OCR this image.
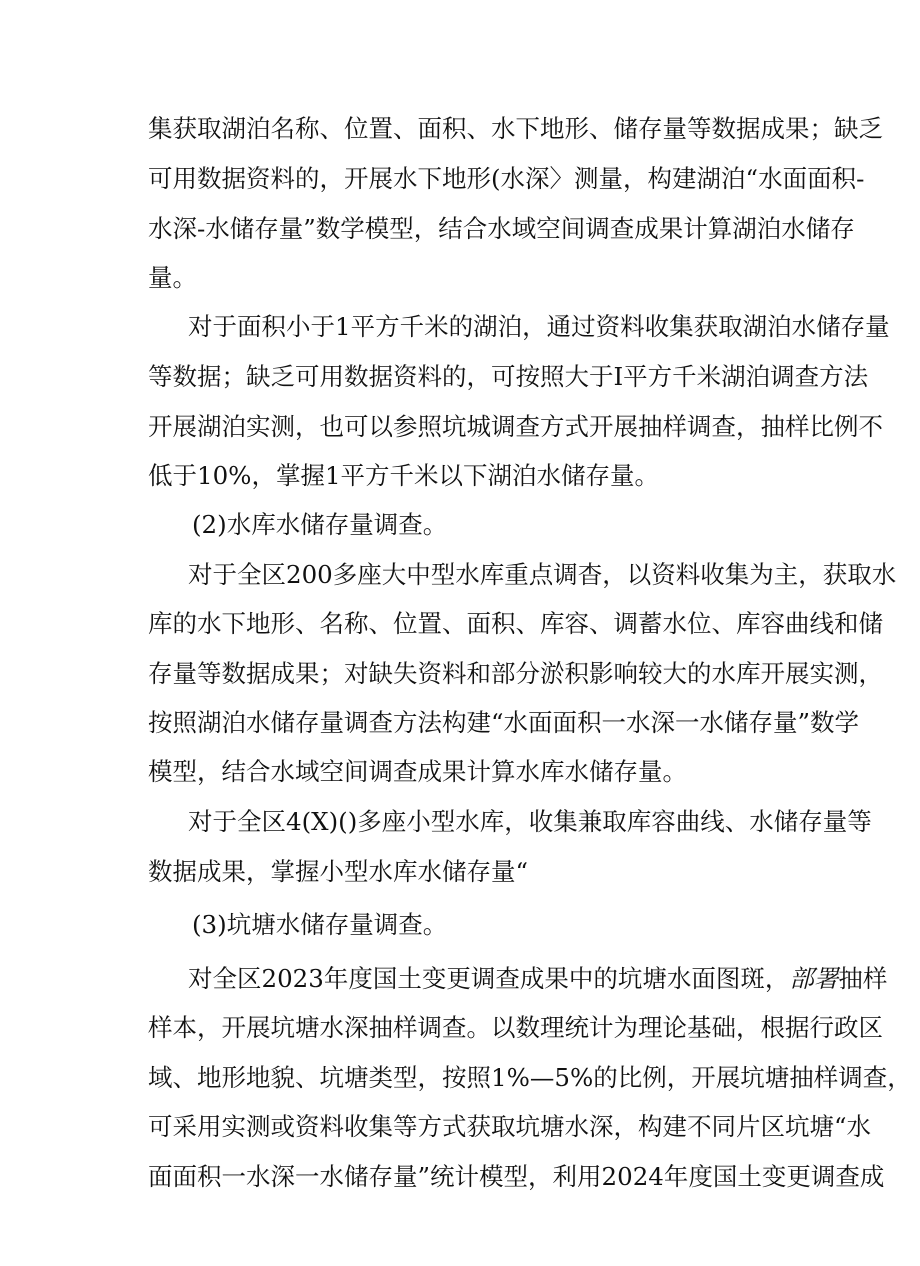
集获取湖泊名称、位置、面积、水下地形、储存量等数据成果；缺乏

可用数据资料的，开展水下地形(水深〉测量，构建湖泊“水面面积-

水深-水储存量”数学模型，结合水域空间调查成果计算湖泊水储存

量。

对于面积小于1平方千米的湖泊，通过资料收集获取湖泊水储存量

等数据；缺乏可用数据资料的，可按照大于I平方千米湖泊调查方法

开展湖泊实测，也可以参照坑城调查方式开展抽样调查，抽样比例不

低于10%，掌握1平方千米以下湖泊水储存量。

(2)水库水储存量调查。

对于全区200多座大中型水库重点调杳，以资料收集为主，获取水

库的水下地形、名称、位置、面积、库容、调蓄水位、库容曲线和储

存量等数据成果；对缺失资料和部分淤积影响较大的水库开展实测，

按照湖泊水储存量调查方法构建“水面面积一水深一水储存量”数学

模型，结合水域空间调查成果计算水库水储存量。

对于全区4(X)()多座小型水库，收集兼取库容曲线、水储存量等

数据成果，掌握小型水库水储存量“

(3)坑塘水储存量调查。

对全区2023年度国土变更调查成果中的坑塘水面图斑，部署抽样

样本，开展坑塘水深抽样调查。以数理统计为理论基础，根据行政区

域、地形地貌、坑塘类型，按照1%—5%的比例，开展坑塘抽样调查，

可采用实测或资料收集等方式获取坑塘水深，构建不同片区坑塘“水

面面积一水深一水储存量”统计模型，利用2024年度国土变更调查成
